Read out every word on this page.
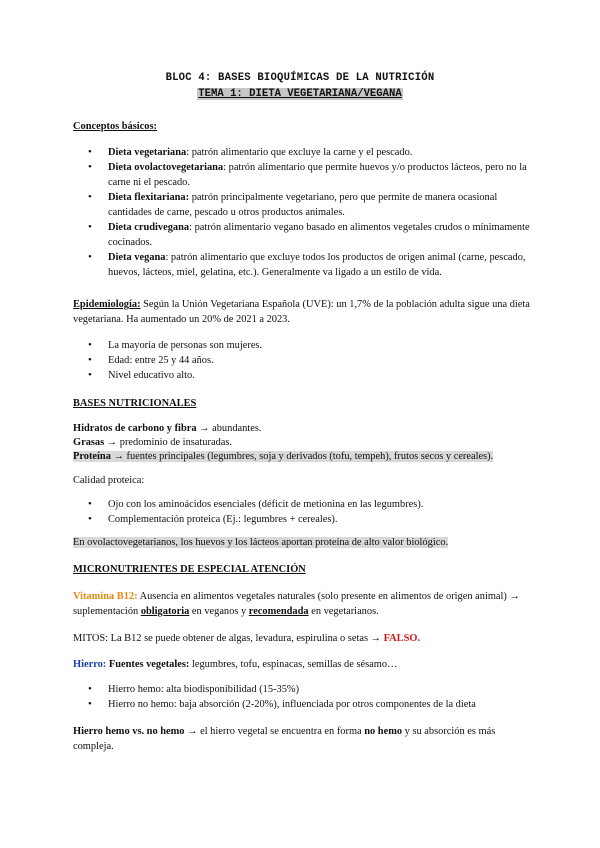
BLOC 4: BASES BIOQUÍMICAS DE LA NUTRICIÓN
TEMA 1: DIETA VEGETARIANA/VEGANA
Conceptos básicos:
• Dieta vegetariana: patrón alimentario que excluye la carne y el pescado.
• Dieta ovolactovegetariana: patrón alimentario que permite huevos y/o productos lácteos, pero no la carne ni el pescado.
• Dieta flexitariana: patrón principalmente vegetariano, pero que permite de manera ocasional cantidades de carne, pescado u otros productos animales.
• Dieta crudivegana: patrón alimentario vegano basado en alimentos vegetales crudos o mínimamente cocinados.
• Dieta vegana: patrón alimentario que excluye todos los productos de origen animal (carne, pescado, huevos, lácteos, miel, gelatina, etc.). Generalmente va ligado a un estilo de vida.
Epidemiología: Según la Unión Vegetariana Española (UVE): un 1,7% de la población adulta sigue una dieta vegetariana. Ha aumentado un 20% de 2021 a 2023.
• La mayoría de personas son mujeres.
• Edad: entre 25 y 44 años.
• Nivel educativo alto.
BASES NUTRICIONALES
Hidratos de carbono y fibra → abundantes.
Grasas → predominio de insaturadas.
Proteína → fuentes principales (legumbres, soja y derivados (tofu, tempeh), frutos secos y cereales).
Calidad proteica:
• Ojo con los aminoácidos esenciales (déficit de metionina en las legumbres).
• Complementación proteica (Ej.: legumbres + cereales).
En ovolactovegetarianos, los huevos y los lácteos aportan proteína de alto valor biológico.
MICRONUTRIENTES DE ESPECIAL ATENCIÓN
Vitamina B12: Ausencia en alimentos vegetales naturales (solo presente en alimentos de origen animal) → suplementación obligatoria en veganos y recomendada en vegetarianos.
MITOS: La B12 se puede obtener de algas, levadura, espirulina o setas → FALSO.
Hierro: Fuentes vegetales: legumbres, tofu, espinacas, semillas de sésamo…
• Hierro hemo: alta biodisponibilidad (15-35%)
• Hierro no hemo: baja absorción (2-20%), influenciada por otros componentes de la dieta
Hierro hemo vs. no hemo → el hierro vegetal se encuentra en forma no hemo y su absorción es más compleja.
